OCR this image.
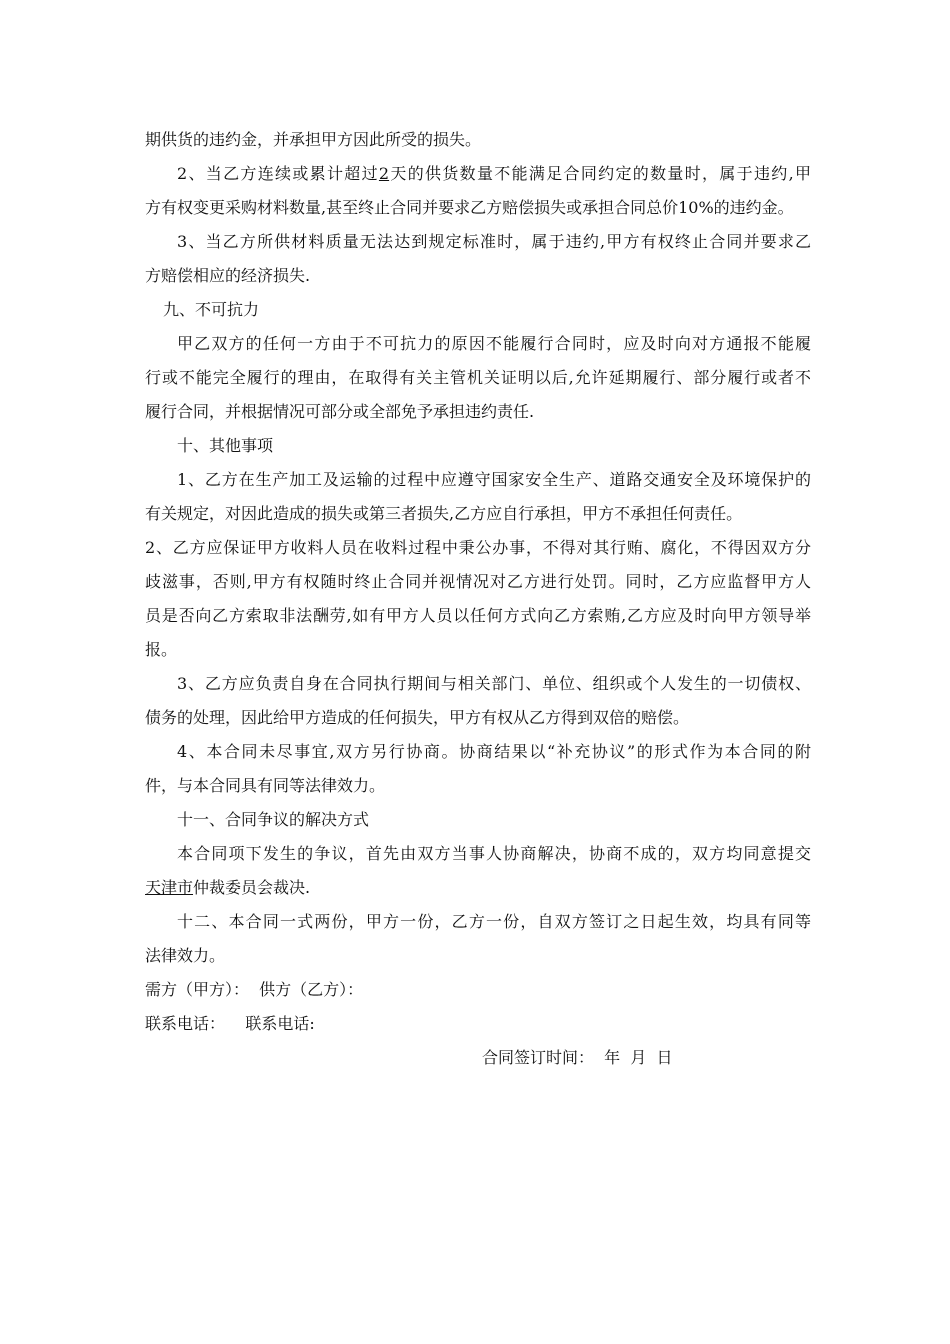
期供货的违约金，并承担甲方因此所受的损失。
2、当乙方连续或累计超过2天的供货数量不能满足合同约定的数量时，属于违约,甲
方有权变更采购材料数量,甚至终止合同并要求乙方赔偿损失或承担合同总价10%的违约金。
3、当乙方所供材料质量无法达到规定标准时，属于违约,甲方有权终止合同并要求乙
方赔偿相应的经济损失.
九、不可抗力
甲乙双方的任何一方由于不可抗力的原因不能履行合同时，应及时向对方通报不能履
行或不能完全履行的理由，在取得有关主管机关证明以后,允许延期履行、部分履行或者不
履行合同，并根据情况可部分或全部免予承担违约责任.
十、其他事项
1、乙方在生产加工及运输的过程中应遵守国家安全生产、道路交通安全及环境保护的
有关规定，对因此造成的损失或第三者损失,乙方应自行承担，甲方不承担任何责任。
2、乙方应保证甲方收料人员在收料过程中秉公办事，不得对其行贿、腐化，不得因双方分
歧滋事，否则,甲方有权随时终止合同并视情况对乙方进行处罚。同时，乙方应监督甲方人
员是否向乙方索取非法酬劳,如有甲方人员以任何方式向乙方索贿,乙方应及时向甲方领导举
报。
3、乙方应负责自身在合同执行期间与相关部门、单位、组织或个人发生的一切债权、
债务的处理，因此给甲方造成的任何损失，甲方有权从乙方得到双倍的赔偿。
4、本合同未尽事宜,双方另行协商。协商结果以“补充协议”的形式作为本合同的附
件，与本合同具有同等法律效力。
十一、合同争议的解决方式
本合同项下发生的争议，首先由双方当事人协商解决，协商不成的，双方均同意提交
天津市仲裁委员会裁决.
十二、本合同一式两份，甲方一份，乙方一份，自双方签订之日起生效，均具有同等
法律效力。
需方（甲方）：  供方（乙方）：
联系电话：    联系电话:
合同签订时间：  年  月  日
